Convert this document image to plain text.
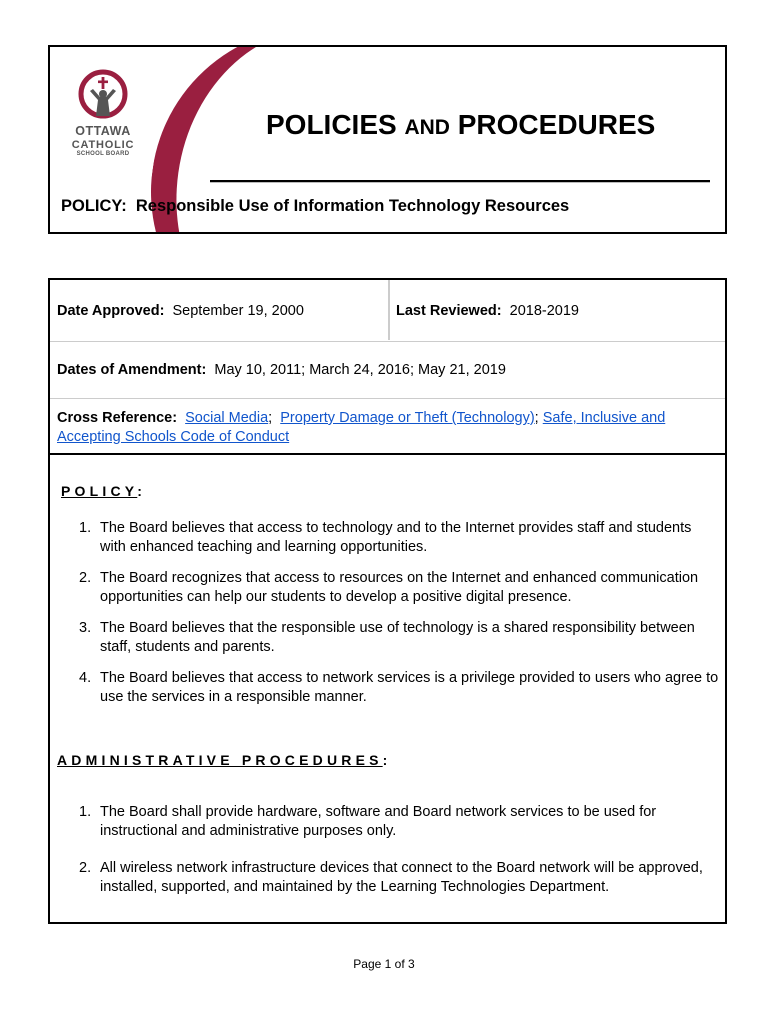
OTTAWA
CATHOLIC
SCHOOL BOARD
POLICIES AND PROCEDURES
POLICY: Responsible Use of Information Technology Resources
Date Approved: September 19, 2000	Last Reviewed: 2018-2019
Dates of Amendment: May 10, 2011; March 24, 2016; May 21, 2019
Cross Reference: Social Media; Property Damage or Theft (Technology); Safe, Inclusive and
Accepting Schools Code of Conduct
POLICY:
1. The Board believes that access to technology and to the Internet provides staff and students with enhanced teaching and learning opportunities.
2. The Board recognizes that access to resources on the Internet and enhanced communication opportunities can help our students to develop a positive digital presence.
3. The Board believes that the responsible use of technology is a shared responsibility between staff, students and parents.
4. The Board believes that access to network services is a privilege provided to users who agree to use the services in a responsible manner.
ADMINISTRATIVE PROCEDURES:
1. The Board shall provide hardware, software and Board network services to be used for instructional and administrative purposes only.
2. All wireless network infrastructure devices that connect to the Board network will be approved, installed, supported, and maintained by the Learning Technologies Department.
Page 1 of 3
